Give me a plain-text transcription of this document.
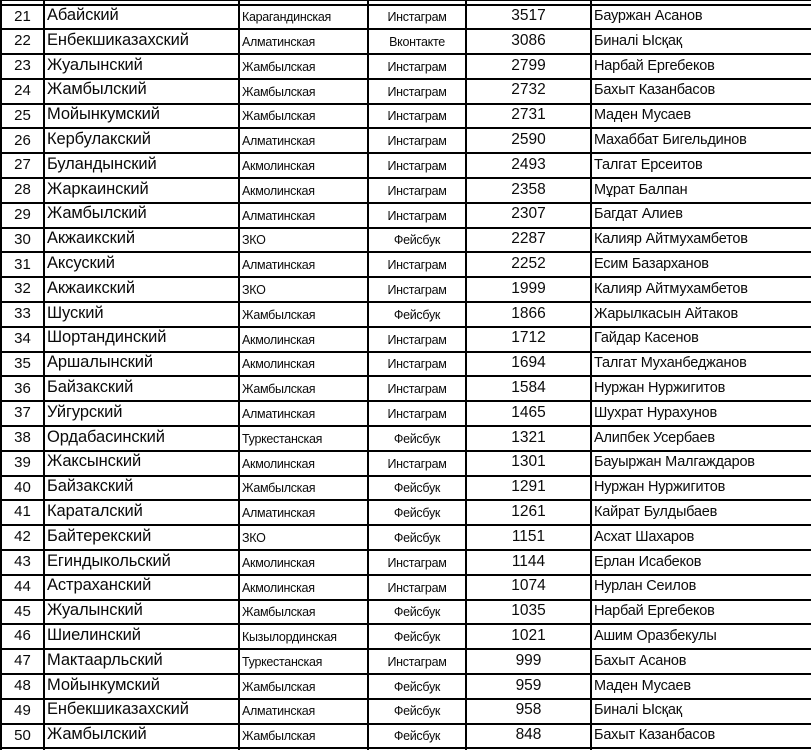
21	Абайский	Карагандинская	Инстаграм	3517	Бауржан Асанов
22	Енбекшиказахский	Алматинская	Вконтакте	3086	Биналі Ысқақ
23	Жуалынский	Жамбылская	Инстаграм	2799	Нарбай Ергебеков
24	Жамбылский	Жамбылская	Инстаграм	2732	Бахыт Казанбасов
25	Мойынкумский	Жамбылская	Инстаграм	2731	Маден Мусаев
26	Кербулакский	Алматинская	Инстаграм	2590	Махаббат Бигельдинов
27	Буландынский	Акмолинская	Инстаграм	2493	Талгат Ерсеитов
28	Жаркаинский	Акмолинская	Инстаграм	2358	Мұрат Балпан
29	Жамбылский	Алматинская	Инстаграм	2307	Багдат Алиев
30	Акжаикский	ЗКО	Фейсбук	2287	Калияр Айтмухамбетов
31	Аксуский	Алматинская	Инстаграм	2252	Есим Базарханов
32	Акжаикский	ЗКО	Инстаграм	1999	Калияр Айтмухамбетов
33	Шуский	Жамбылская	Фейсбук	1866	Жарылкасын Айтаков
34	Шортандинский	Акмолинская	Инстаграм	1712	Гайдар Касенов
35	Аршалынский	Акмолинская	Инстаграм	1694	Талгат Муханбеджанов
36	Байзакский	Жамбылская	Инстаграм	1584	Нуржан Нуржигитов
37	Уйгурский	Алматинская	Инстаграм	1465	Шухрат Нурахунов
38	Ордабасинский	Туркестанская	Фейсбук	1321	Алипбек Усербаев
39	Жаксынский	Акмолинская	Инстаграм	1301	Бауыржан Малгаждаров
40	Байзакский	Жамбылская	Фейсбук	1291	Нуржан Нуржигитов
41	Караталский	Алматинская	Фейсбук	1261	Кайрат Булдыбаев
42	Байтерекский	ЗКО	Фейсбук	1151	Асхат Шахаров
43	Егиндыкольский	Акмолинская	Инстаграм	1144	Ерлан Исабеков
44	Астраханский	Акмолинская	Инстаграм	1074	Нурлан Сеилов
45	Жуалынский	Жамбылская	Фейсбук	1035	Нарбай Ергебеков
46	Шиелинский	Кызылординская	Фейсбук	1021	Ашим Оразбекулы
47	Мактаарльский	Туркестанская	Инстаграм	999	Бахыт Асанов
48	Мойынкумский	Жамбылская	Фейсбук	959	Маден Мусаев
49	Енбекшиказахский	Алматинская	Фейсбук	958	Биналі Ысқақ
50	Жамбылский	Жамбылская	Фейсбук	848	Бахыт Казанбасов
